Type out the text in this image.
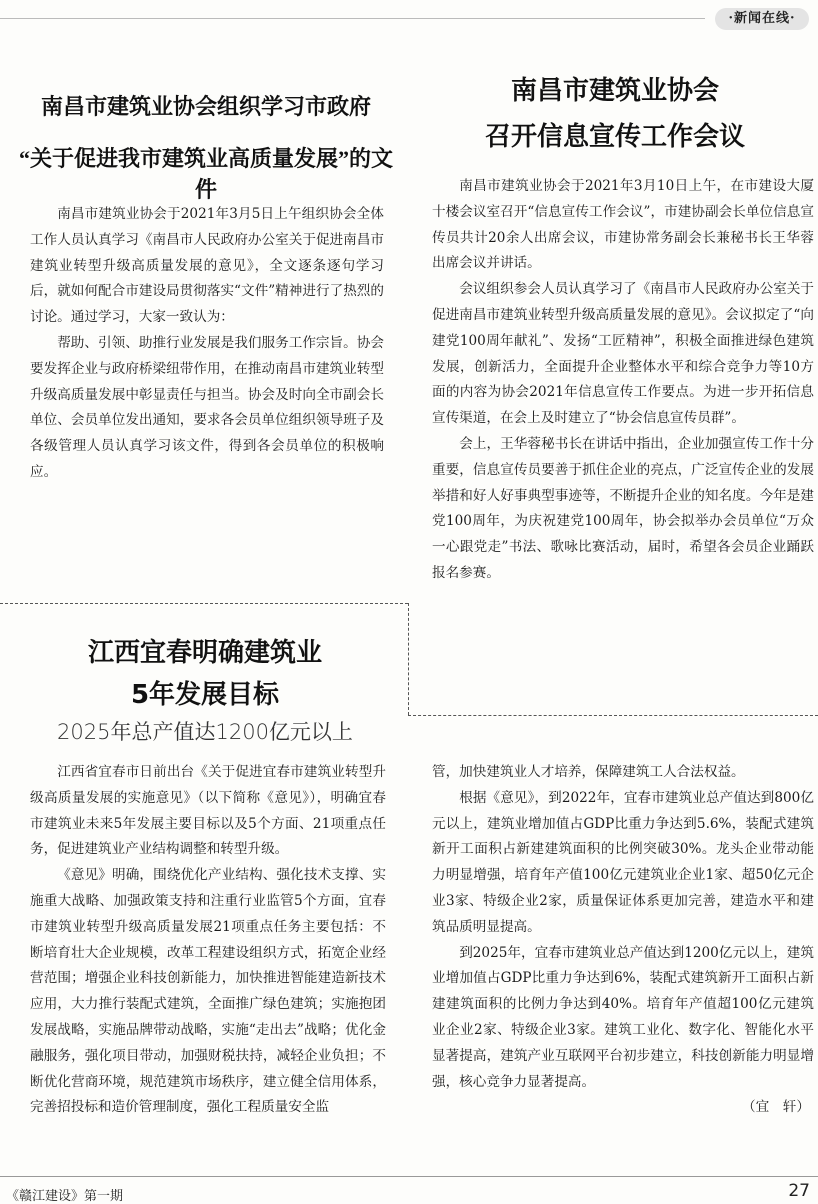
·新闻在线·
南昌市建筑业协会组织学习市政府
“关于促进我市建筑业高质量发展”的文件

南昌市建筑业协会于2021年3月5日上午组织协会全体工作人员认真学习《南昌市人民政府办公室关于促进南昌市建筑业转型升级高质量发展的意见》，全文逐条逐句学习后，就如何配合市建设局贯彻落实“文件”精神进行了热烈的讨论。通过学习，大家一致认为：

帮助、引领、助推行业发展是我们服务工作宗旨。协会要发挥企业与政府桥梁纽带作用，在推动南昌市建筑业转型升级高质量发展中彰显责任与担当。协会及时向全市副会长单位、会员单位发出通知，要求各会员单位组织领导班子及各级管理人员认真学习该文件，得到各会员单位的积极响应。

南昌市建筑业协会
召开信息宣传工作会议

南昌市建筑业协会于2021年3月10日上午，在市建设大厦十楼会议室召开“信息宣传工作会议”，市建协副会长单位信息宣传员共计20余人出席会议，市建协常务副会长兼秘书长王华蓉出席会议并讲话。

会议组织参会人员认真学习了《南昌市人民政府办公室关于促进南昌市建筑业转型升级高质量发展的意见》。会议拟定了“向建党100周年献礼”、发扬“工匠精神”，积极全面推进绿色建筑发展，创新活力，全面提升企业整体水平和综合竞争力等10方面的内容为协会2021年信息宣传工作要点。为进一步开拓信息宣传渠道，在会上及时建立了“协会信息宣传员群”。

会上，王华蓉秘书长在讲话中指出，企业加强宣传工作十分重要，信息宣传员要善于抓住企业的亮点，广泛宣传企业的发展举措和好人好事典型事迹等，不断提升企业的知名度。今年是建党100周年，为庆祝建党100周年，协会拟举办会员单位“万众一心跟党走”书法、歌咏比赛活动，届时，希望各会员企业踊跃报名参赛。

江西宜春明确建筑业
5年发展目标
2025年总产值达1200亿元以上

江西省宜春市日前出台《关于促进宜春市建筑业转型升级高质量发展的实施意见》（以下简称《意见》），明确宜春市建筑业未来5年发展主要目标以及5个方面、21项重点任务，促进建筑业产业结构调整和转型升级。

《意见》明确，围绕优化产业结构、强化技术支撑、实施重大战略、加强政策支持和注重行业监管5个方面，宜春市建筑业转型升级高质量发展21项重点任务主要包括：不断培育壮大企业规模，改革工程建设组织方式，拓宽企业经营范围；增强企业科技创新能力，加快推进智能建造新技术应用，大力推行装配式建筑，全面推广绿色建筑；实施抱团发展战略，实施品牌带动战略，实施“走出去”战略；优化金融服务，强化项目带动，加强财税扶持，减轻企业负担；不断优化营商环境，规范建筑市场秩序，建立健全信用体系，完善招投标和造价管理制度，强化工程质量安全监

管，加快建筑业人才培养，保障建筑工人合法权益。

根据《意见》，到2022年，宜春市建筑业总产值达到800亿元以上，建筑业增加值占GDP比重力争达到5.6%，装配式建筑新开工面积占新建建筑面积的比例突破30%。龙头企业带动能力明显增强，培育年产值100亿元建筑业企业1家、超50亿元企业3家、特级企业2家，质量保证体系更加完善，建造水平和建筑品质明显提高。

到2025年，宜春市建筑业总产值达到1200亿元以上，建筑业增加值占GDP比重力争达到6%，装配式建筑新开工面积占新建建筑面积的比例力争达到40%。培育年产值超100亿元建筑业企业2家、特级企业3家。建筑工业化、数字化、智能化水平显著提高，建筑产业互联网平台初步建立，科技创新能力明显增强，核心竞争力显著提高。

（宜　轩）

《赣江建设》第一期	27
